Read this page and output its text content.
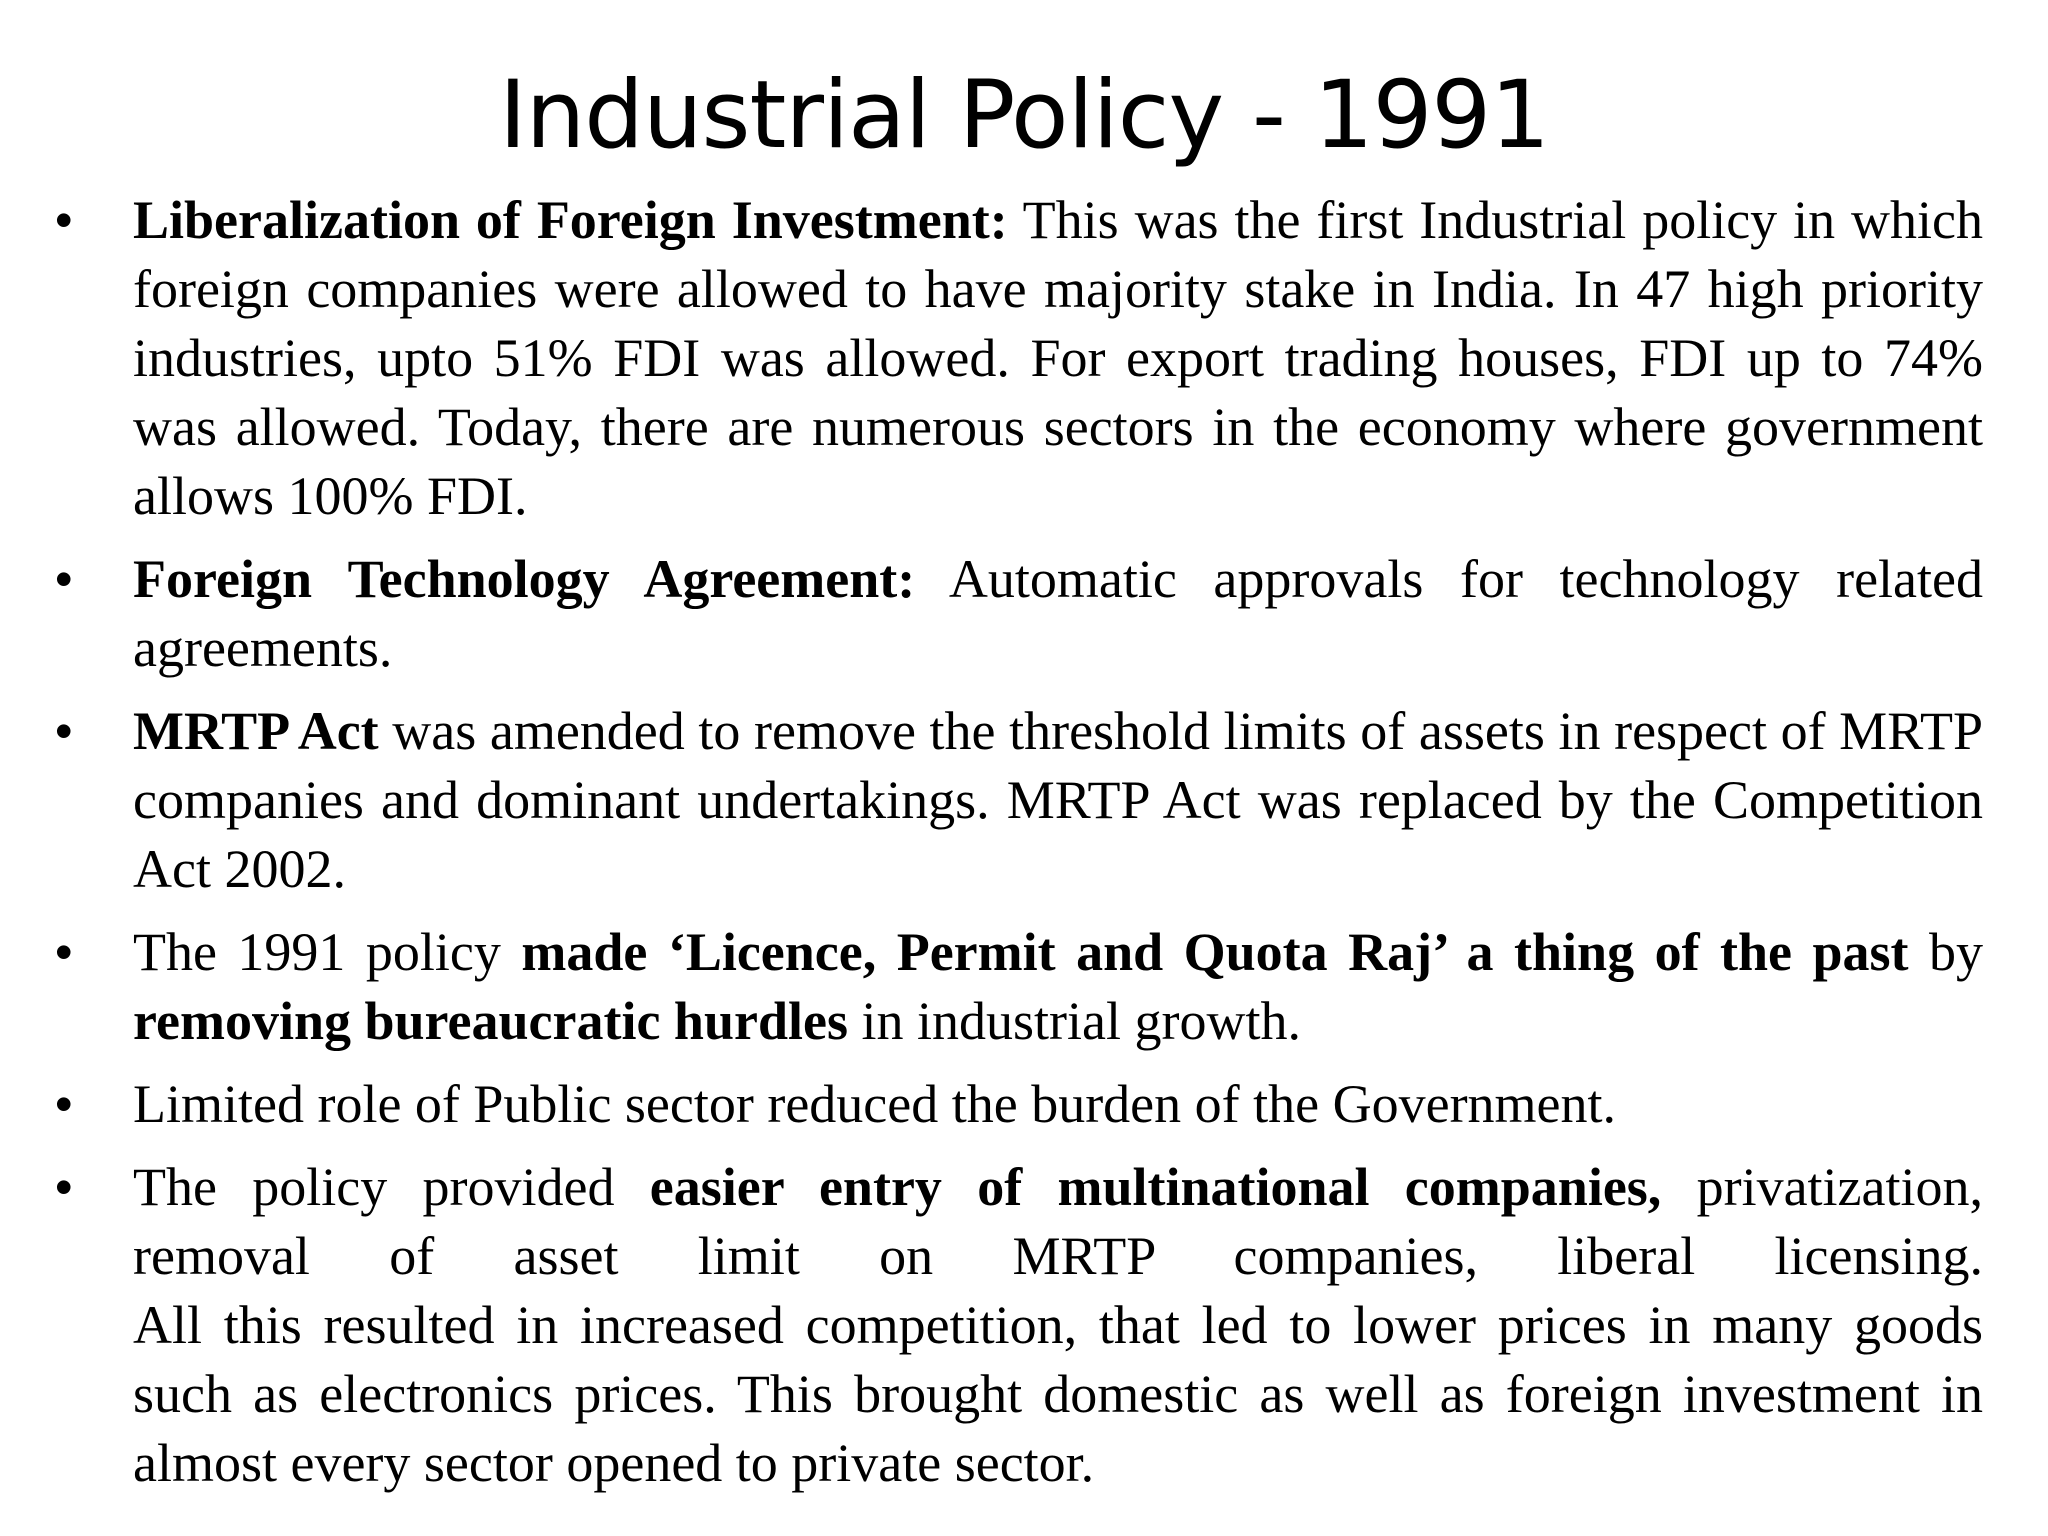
Industrial Policy - 1991
• Liberalization of Foreign Investment: This was the first Industrial policy in which foreign companies were allowed to have majority stake in India. In 47 high priority industries, upto 51% FDI was allowed. For export trading houses, FDI up to 74% was allowed. Today, there are numerous sectors in the economy where government allows 100% FDI.
• Foreign Technology Agreement: Automatic approvals for technology related agreements.
• MRTP Act was amended to remove the threshold limits of assets in respect of MRTP companies and dominant undertakings. MRTP Act was replaced by the Competition Act 2002.
• The 1991 policy made ‘Licence, Permit and Quota Raj’ a thing of the past by removing bureaucratic hurdles in industrial growth.
• Limited role of Public sector reduced the burden of the Government.
• The policy provided easier entry of multinational companies, privatization,
removal of asset limit on MRTP companies, liberal licensing.
All this resulted in increased competition, that led to lower prices in many goods such as electronics prices. This brought domestic as well as foreign investment in almost every sector opened to private sector.
